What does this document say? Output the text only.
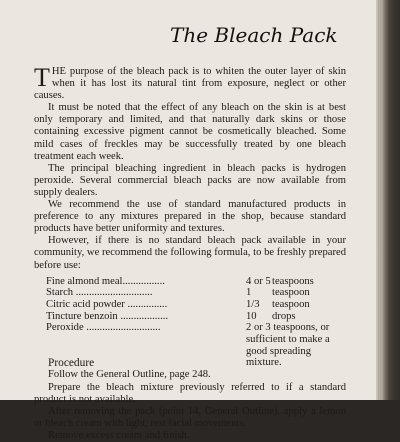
The Bleach Pack

THE purpose of the bleach pack is to whiten the outer layer of skin when it has lost its natural tint from exposure, neglect or other causes.

It must be noted that the effect of any bleach on the skin is at best only temporary and limited, and that naturally dark skins or those containing excessive pigment cannot be cosmetically bleached. Some mild cases of freckles may be successfully treated by one bleach treatment each week.

The principal bleaching ingredient in bleach packs is hydrogen peroxide. Several commercial bleach packs are now available from supply dealers.

We recommend the use of standard manufactured products in preference to any mixtures prepared in the shop, because standard products have better uniformity and textures.

However, if there is no standard bleach pack available in your community, we recommend the following formula, to be freshly prepared before use:

Fine almond meal................	4 or 5 teaspoons
Starch .............................	1 teaspoon
Citric acid powder ...............	1/3 teaspoon
Tincture benzoin ..................	10 drops
Peroxide ............................	2 or 3 teaspoons, or sufficient to make a good spreading mixture.

Procedure

Follow the General Outline, page 248.

Prepare the bleach mixture previously referred to if a standard product is not available.

After removing the pack (point 14, General Outline), apply a lemon or bleach cream with light, rest facial movements.

Remove excess cream and finish.
